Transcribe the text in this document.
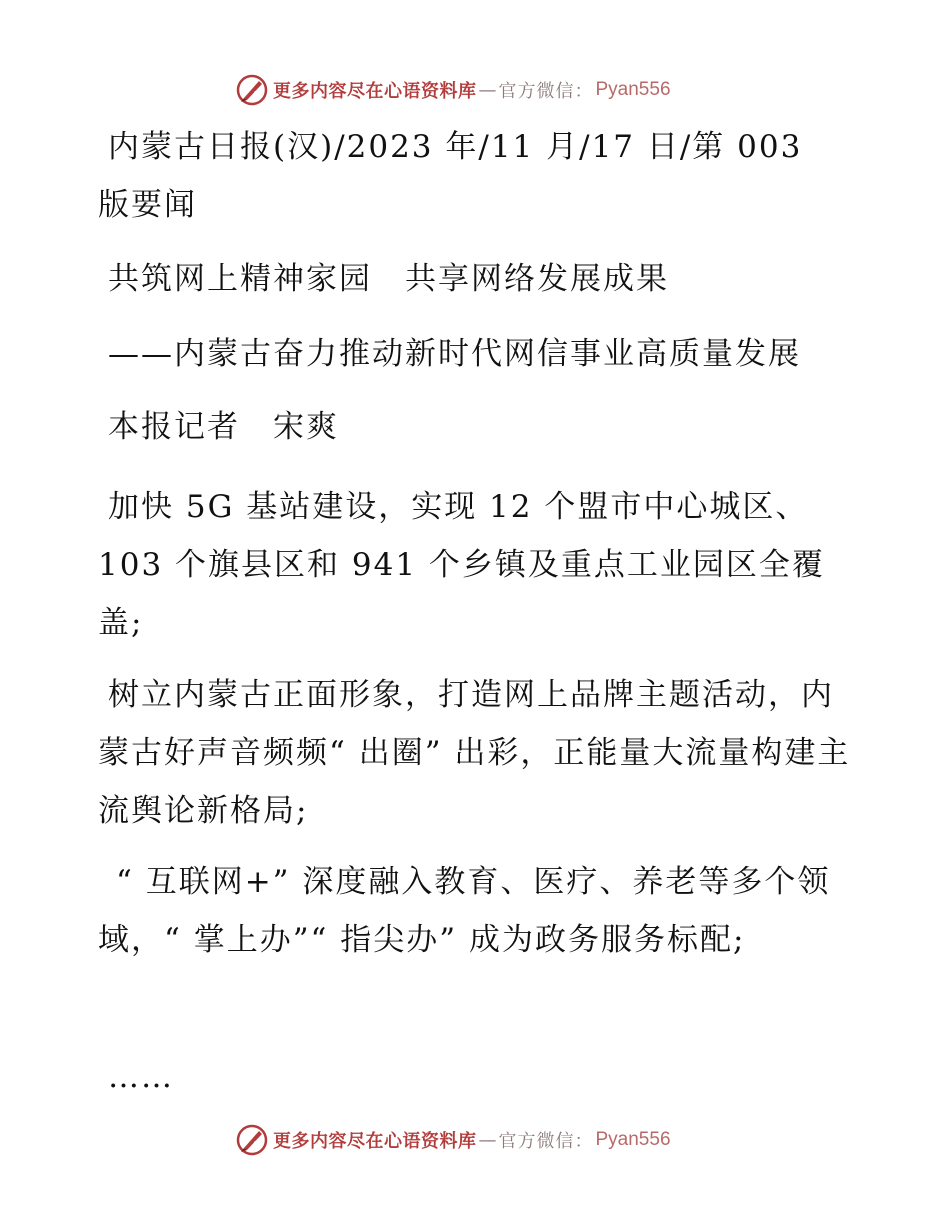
更多内容尽在心语资料库 — 官方微信： Pyan556

内蒙古日报(汉)/2023 年/11 月/17 日/第 003 版要闻

共筑网上精神家园　共享网络发展成果

——内蒙古奋力推动新时代网信事业高质量发展

本报记者　宋爽

加快 5G 基站建设，实现 12 个盟市中心城区、103 个旗县区和 941 个乡镇及重点工业园区全覆盖;

树立内蒙古正面形象，打造网上品牌主题活动，内蒙古好声音频频“ 出圈” 出彩，正能量大流量构建主流舆论新格局;

“ 互联网+” 深度融入教育、医疗、养老等多个领域，“ 掌上办”“ 指尖办” 成为政务服务标配;

……

更多内容尽在心语资料库 — 官方微信： Pyan556
